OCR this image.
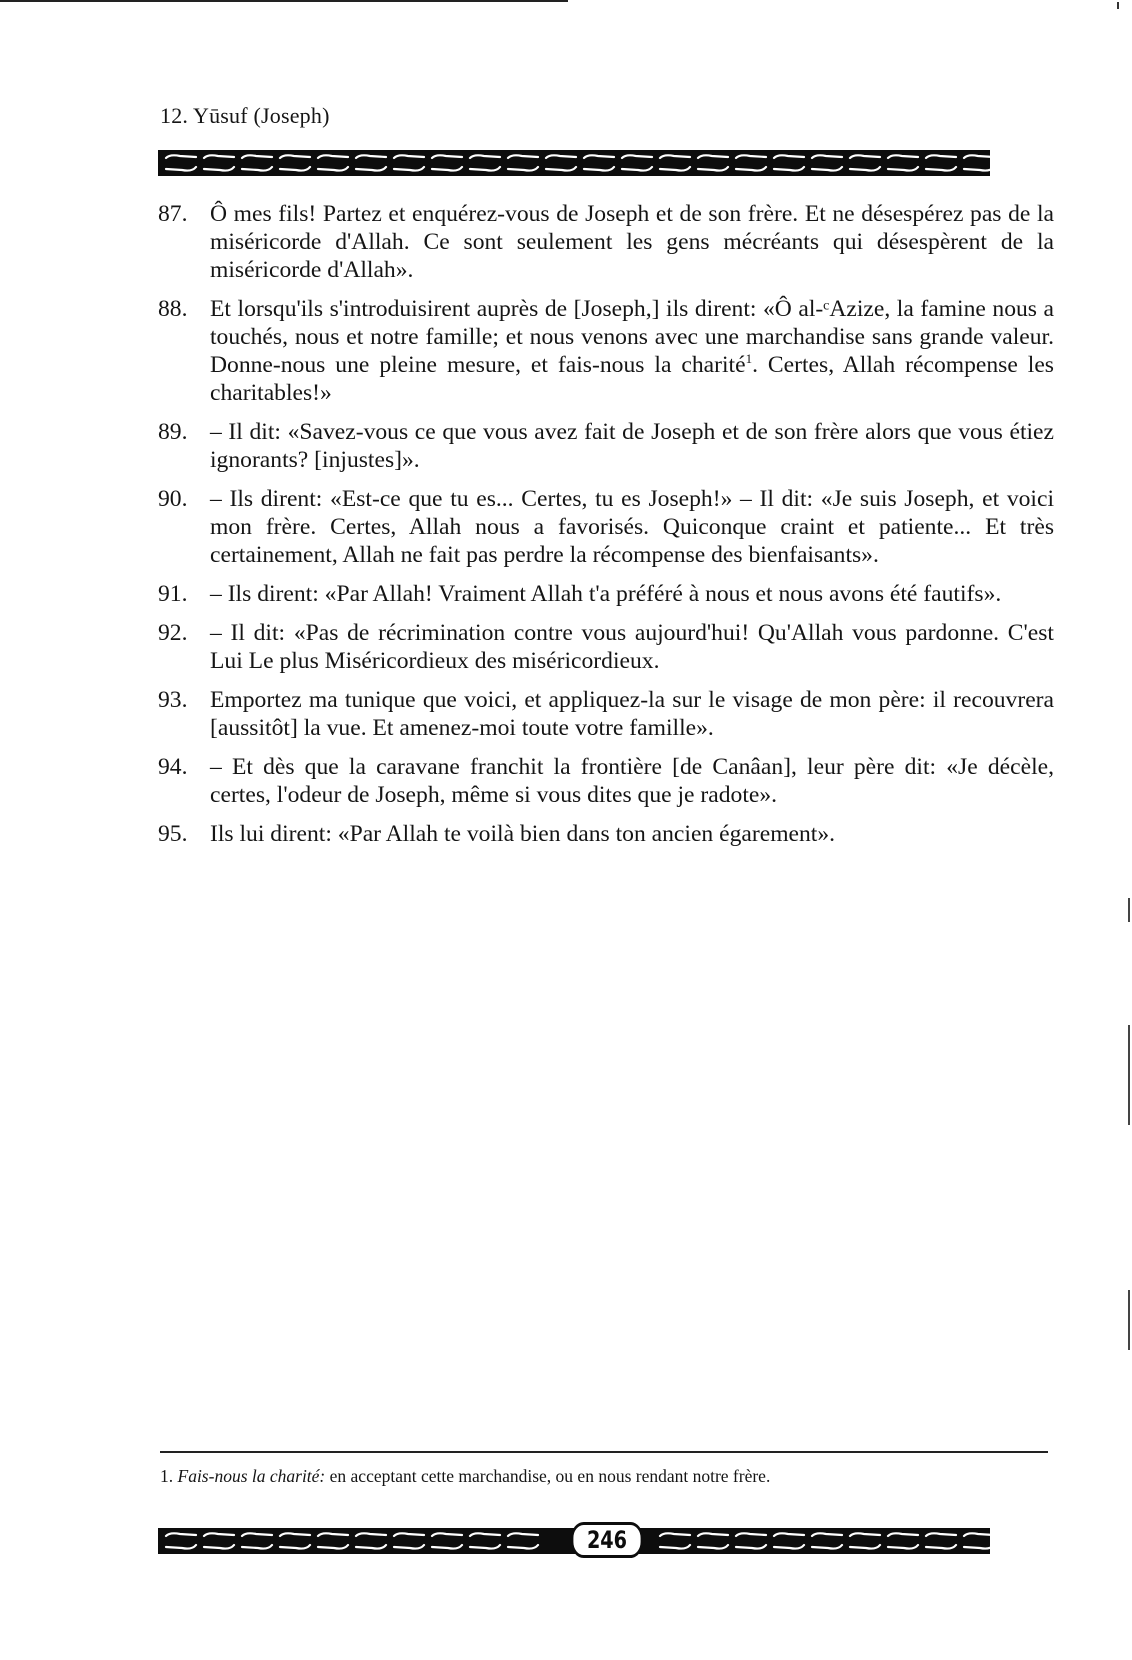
12. Yūsuf (Joseph)
87. Ô mes fils! Partez et enquérez-vous de Joseph et de son frère. Et ne désespérez pas de la miséricorde d'Allah. Ce sont seulement les gens mécréants qui désespèrent de la miséricorde d'Allah».
88. Et lorsqu'ils s'introduisirent auprès de [Joseph,] ils dirent: «Ô al-ᶜAzize, la famine nous a touchés, nous et notre famille; et nous venons avec une marchandise sans grande valeur. Donne-nous une pleine mesure, et fais-nous la charité$^1$. Certes, Allah récompense les charitables!»
89. – Il dit: «Savez-vous ce que vous avez fait de Joseph et de son frère alors que vous étiez ignorants? [injustes]».
90. – Ils dirent: «Est-ce que tu es... Certes, tu es Joseph!» – Il dit: «Je suis Joseph, et voici mon frère. Certes, Allah nous a favorisés. Quiconque craint et patiente... Et très certainement, Allah ne fait pas perdre la récompense des bienfaisants».
91. – Ils dirent: «Par Allah! Vraiment Allah t'a préféré à nous et nous avons été fautifs».
92. – Il dit: «Pas de récrimination contre vous aujourd'hui! Qu'Allah vous pardonne. C'est Lui Le plus Miséricordieux des miséricordieux.
93. Emportez ma tunique que voici, et appliquez-la sur le visage de mon père: il recouvrera [aussitôt] la vue. Et amenez-moi toute votre famille».
94. – Et dès que la caravane franchit la frontière [de Canâan], leur père dit: «Je décèle, certes, l'odeur de Joseph, même si vous dites que je radote».
95. Ils lui dirent: «Par Allah te voilà bien dans ton ancien égarement».
1. Fais-nous la charité: en acceptant cette marchandise, ou en nous rendant notre frère.
246
